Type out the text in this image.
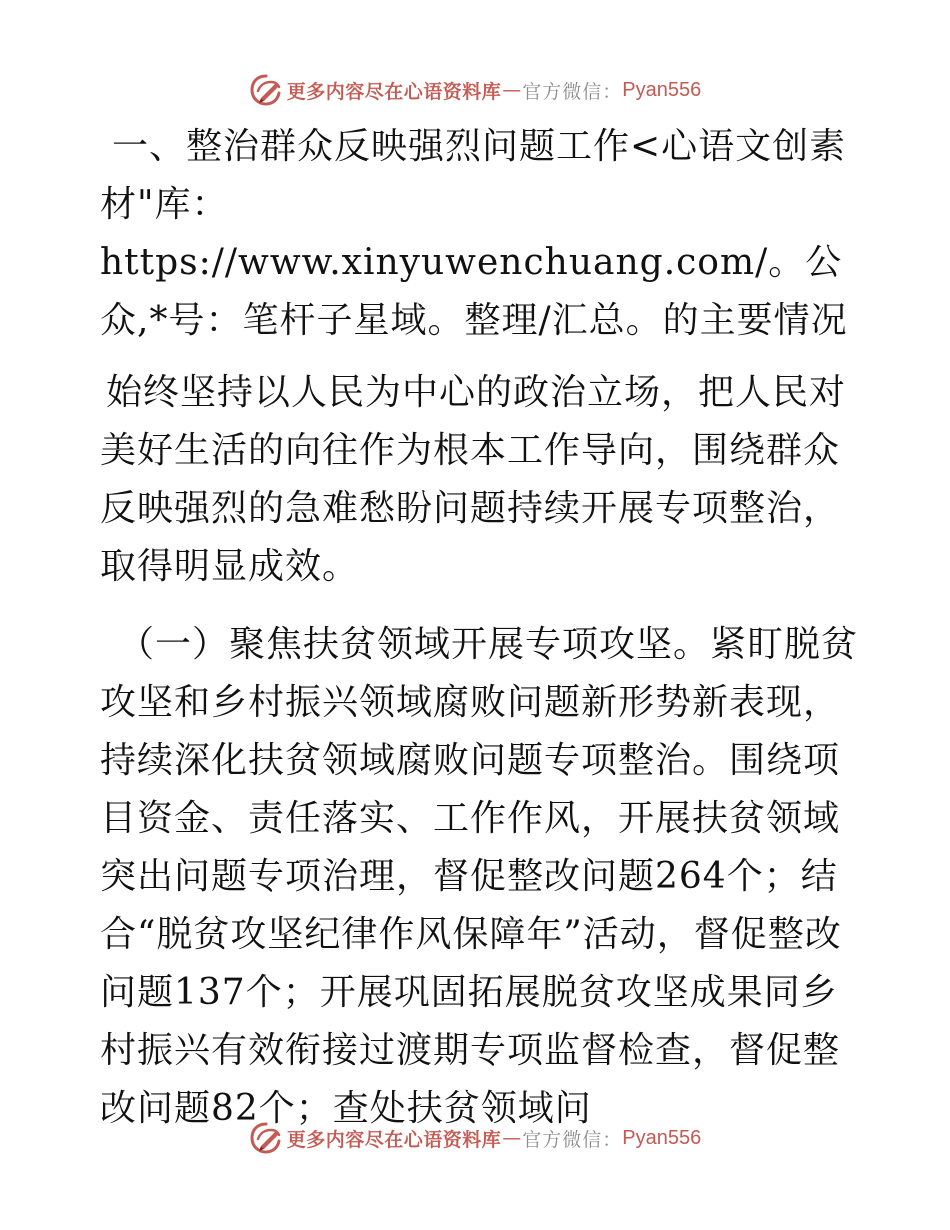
更多内容尽在心语资料库 — 官方微信： Pyan556

一、整治群众反映强烈问题工作<心语文创素材"库：https://www.xinyuwenchuang.com/。公众,*号：笔杆子星域。整理/汇总。的主要情况

始终坚持以人民为中心的政治立场，把人民对美好生活的向往作为根本工作导向，围绕群众反映强烈的急难愁盼问题持续开展专项整治，取得明显成效。

（一）聚焦扶贫领域开展专项攻坚。紧盯脱贫攻坚和乡村振兴领域腐败问题新形势新表现，持续深化扶贫领域腐败问题专项整治。围绕项目资金、责任落实、工作作风，开展扶贫领域突出问题专项治理，督促整改问题264个；结合“脱贫攻坚纪律作风保障年”活动，督促整改问题137个；开展巩固拓展脱贫攻坚成果同乡村振兴有效衔接过渡期专项监督检查，督促整改问题82个；查处扶贫领域问

更多内容尽在心语资料库 — 官方微信： Pyan556
